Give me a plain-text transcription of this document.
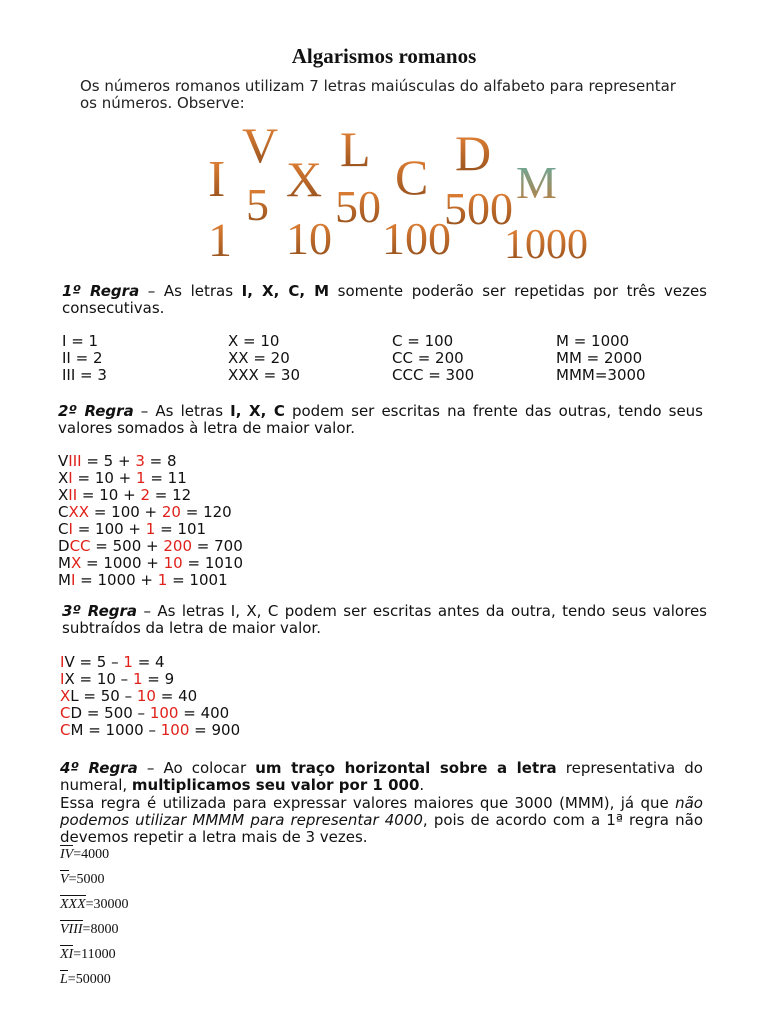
Algarismos romanos
Os números romanos utilizam 7 letras maiúsculas do alfabeto para representar os números. Observe:
I
1
V
5 X
10
L
50
C
100
D
500
M
1000
1º Regra – As letras I, X, C, M somente poderão ser repetidas por três vezes consecutivas.
I = 1
II = 2
III = 3
X = 10
XX = 20
XXX = 30
C = 100
CC = 200
CCC = 300
M = 1000
MM = 2000
MMM=3000
2º Regra – As letras I, X, C podem ser escritas na frente das outras, tendo seus valores somados à letra de maior valor.
VIII = 5 + 3 = 8
XI = 10 + 1 = 11
XII = 10 + 2 = 12
CXX = 100 + 20 = 120
CI = 100 + 1 = 101
DCC = 500 + 200 = 700
MX = 1000 + 10 = 1010
MI = 1000 + 1 = 1001
3º Regra – As letras I, X, C podem ser escritas antes da outra, tendo seus valores subtraídos da letra de maior valor.
IV = 5 – 1 = 4
IX = 10 – 1 = 9
XL = 50 – 10 = 40
CD = 500 – 100 = 400
CM = 1000 – 100 = 900
4º Regra – Ao colocar um traço horizontal sobre a letra representativa do numeral, multiplicamos seu valor por 1 000.
Essa regra é utilizada para expressar valores maiores que 3000 (MMM), já que não podemos utilizar MMMM para representar 4000, pois de acordo com a 1ª regra não devemos repetir a letra mais de 3 vezes.
IV=4000
V=5000
XXX=30000
VIII=8000
XI=11000
L=50000
